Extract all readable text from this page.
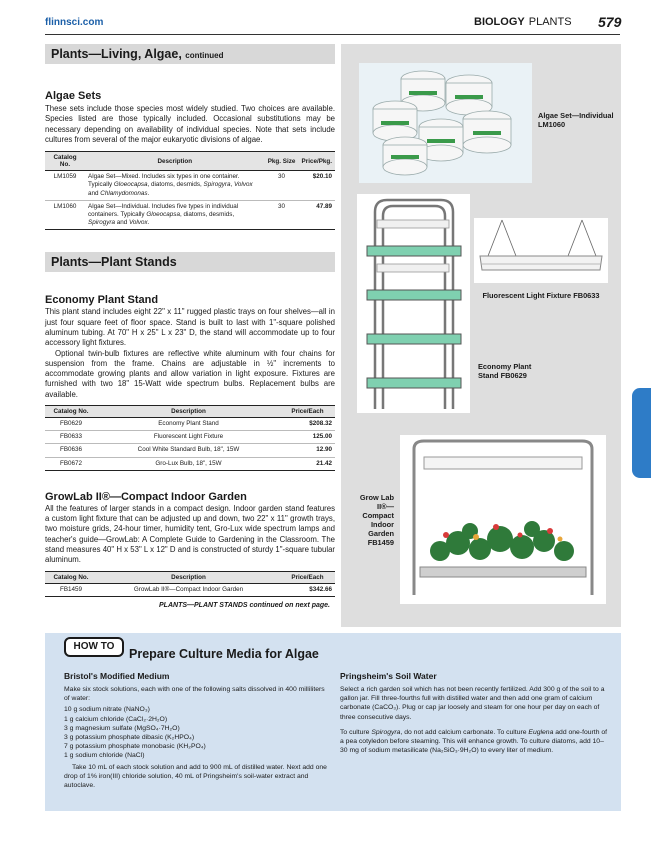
flinnsci.com	BIOLOGY PLANTS 579
Plants—Living, Algae, continued
Algae Sets

These sets include those species most widely studied. Two choices are available. Species listed are those typically included. Occasional substitutions may be necessary depending on availability of individual species. Note that sets include cultures from several of the major eukaryotic divisions of algae.

Catalog No.	Description	Pkg. Size	Price/Pkg.
LM1059	Algae Set—Mixed. Includes six types in one container. Typically Gloeocapsa, diatoms, desmids, Spirogyra, Volvox and Chlamydomonas.	30	$20.10
LM1060	Algae Set—Individual. Includes five types in individual containers. Typically Gloeocapsa, diatoms, desmids, Spirogyra and Volvox.	30	47.89
Plants—Plant Stands
Economy Plant Stand

This plant stand includes eight 22" x 11" rugged plastic trays on four shelves—all in just four square feet of floor space. Stand is built to last with 1"-square polished aluminum tubing. At 70" H x 25" L x 23" D, the stand will accommodate up to four accessory light fixtures.

Optional twin-bulb fixtures are reflective white aluminum with four chains for suspension from the frame. Chains are adjustable in ½" increments to accommodate growing plants and allow variation in light exposure. Fixtures are furnished with two 18" 15-Watt wide spectrum bulbs. Replacement bulbs are available.

Catalog No.	Description	Price/Each
FB0629	Economy Plant Stand	$208.32
FB0633	Fluorescent Light Fixture	125.00
FB0636	Cool White Standard Bulb, 18", 15W	12.90
FB0672	Gro-Lux Bulb, 18", 15W	21.42
GrowLab II®—Compact Indoor Garden

All the features of larger stands in a compact design. Indoor garden stand features a custom light fixture that can be adjusted up and down, two 22" x 11" growth trays, two moisture grids, 24-hour timer, humidity tent, Gro-Lux wide spectrum lamps and teacher's guide—GrowLab: A Complete Guide to Gardening in the Classroom. The stand measures 40" H x 53" L x 12" D and is constructed of sturdy 1"-square tubular aluminum.

Catalog No.	Description	Price/Each
FB1459	GrowLab II®—Compact Indoor Garden	$342.66
PLANTS—PLANT STANDS continued on next page.
Algae Set—Individual LM1060
Economy Plant Stand FB0629
Fluorescent Light Fixture FB0633
Grow Lab II®— Compact Indoor Garden FB1459
HOW TO
Prepare Culture Media for Algae
Bristol's Modified Medium

Make six stock solutions, each with one of the following salts dissolved in 400 milliliters of water:

10 g sodium nitrate (NaNO₃)
1 g calcium chloride (CaCl₂·2H₂O)
3 g magnesium sulfate (MgSO₄·7H₂O)
3 g potassium phosphate dibasic (K₂HPO₄)
7 g potassium phosphate monobasic (KH₂PO₄)
1 g sodium chloride (NaCl)

Take 10 mL of each stock solution and add to 900 mL of distilled water. Next add one drop of 1% iron(III) chloride solution, 40 mL of Pringsheim's soil-water extract and autoclave.

Pringsheim's Soil Water

Select a rich garden soil which has not been recently fertilized. Add 300 g of the soil to a gallon jar. Fill three-fourths full with distilled water and then add one gram of calcium carbonate (CaCO₃). Plug or cap jar loosely and steam for one hour per day on each of three consecutive days.

To culture Spirogyra, do not add calcium carbonate. To culture Euglena add one-fourth of a pea cotyledon before steaming. This will enhance growth. To culture diatoms, add 10–30 mg of sodium metasilicate (Na₂SiO₃·9H₂O) to every liter of medium.
